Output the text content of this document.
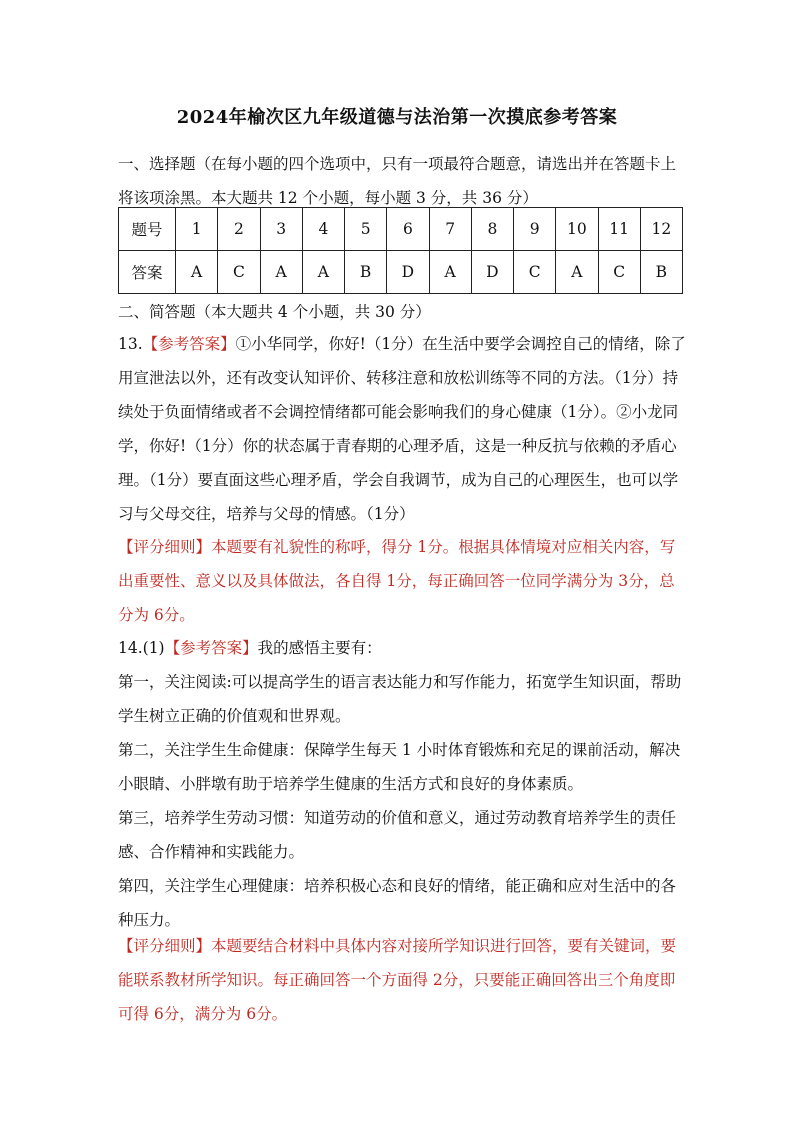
2024年榆次区九年级道德与法治第一次摸底参考答案

一、选择题（在每小题的四个选项中，只有一项最符合题意，请选出并在答题卡上将该项涂黑。本大题共 12 个小题，每小题 3 分，共 36 分）

题号	1	2	3	4	5	6	7	8	9	10	11	12
答案	A	C	A	A	B	D	A	D	C	A	C	B

二、简答题（本大题共 4 个小题，共 30 分）

13.【参考答案】①小华同学，你好!（1分）在生活中要学会调控自己的情绪，除了用宣泄法以外，还有改变认知评价、转移注意和放松训练等不同的方法。（1分）持续处于负面情绪或者不会调控情绪都可能会影响我们的身心健康（1分）。②小龙同学，你好!（1分）你的状态属于青春期的心理矛盾，这是一种反抗与依赖的矛盾心理。（1分）要直面这些心理矛盾，学会自我调节，成为自己的心理医生，也可以学习与父母交往，培养与父母的情感。（1分）

【评分细则】本题要有礼貌性的称呼，得分 1分。根据具体情境对应相关内容，写出重要性、意义以及具体做法，各自得 1分，每正确回答一位同学满分为 3分，总分为 6分。

14.(1)【参考答案】我的感悟主要有：
第一，关注阅读:可以提高学生的语言表达能力和写作能力，拓宽学生知识面，帮助学生树立正确的价值观和世界观。
第二，关注学生生命健康：保障学生每天 1 小时体育锻炼和充足的课前活动，解决小眼睛、小胖墩有助于培养学生健康的生活方式和良好的身体素质。
第三，培养学生劳动习惯：知道劳动的价值和意义，通过劳动教育培养学生的责任感、合作精神和实践能力。
第四，关注学生心理健康：培养积极心态和良好的情绪，能正确和应对生活中的各种压力。

【评分细则】本题要结合材料中具体内容对接所学知识进行回答，要有关键词，要能联系教材所学知识。每正确回答一个方面得 2分，只要能正确回答出三个角度即可得 6分，满分为 6分。
